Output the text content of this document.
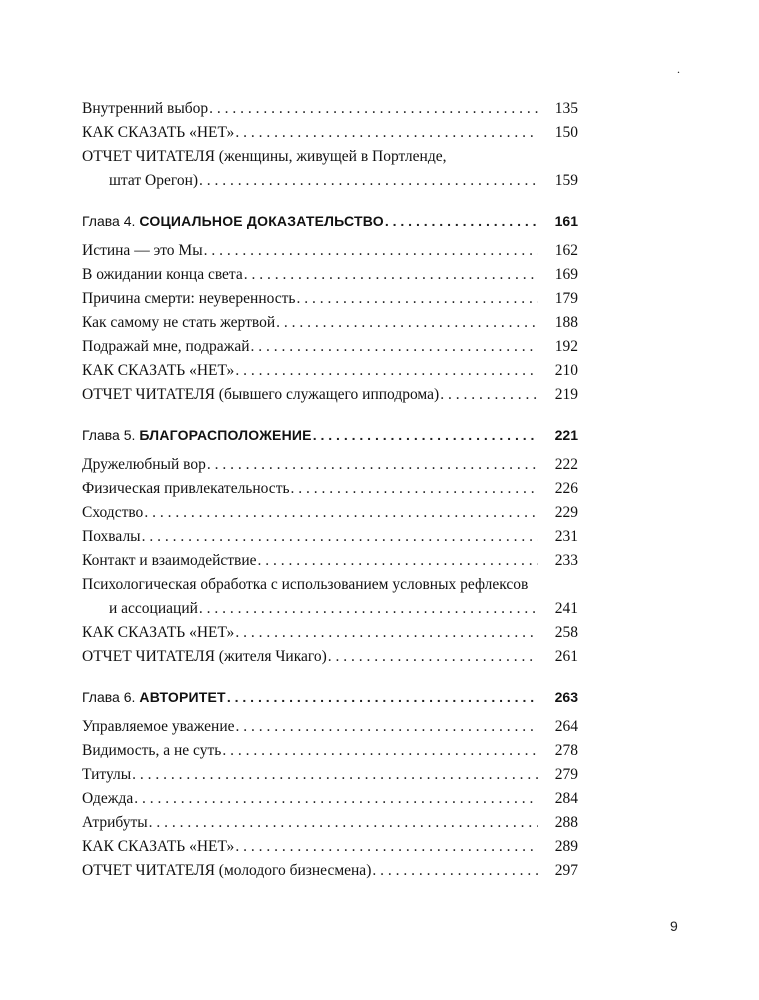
.
Внутренний выбор . . .	135
КАК СКАЗАТЬ «НЕТ» . . .	150
ОТЧЕТ ЧИТАТЕЛЯ (женщины, живущей в Портленде,
штат Орегон) . . .	159
Глава 4. СОЦИАЛЬНОЕ ДОКАЗАТЕЛЬСТВО . . .	161
Истина — это Мы . . .	162
В ожидании конца света . . .	169
Причина смерти: неуверенность . . .	179
Как самому не стать жертвой . . .	188
Подражай мне, подражай . . .	192
КАК СКАЗАТЬ «НЕТ» . . .	210
ОТЧЕТ ЧИТАТЕЛЯ (бывшего служащего ипподрома) . . .	219
Глава 5. БЛАГОРАСПОЛОЖЕНИЕ . . .	221
Дружелюбный вор . . .	222
Физическая привлекательность . . .	226
Сходство . . .	229
Похвалы . . .	231
Контакт и взаимодействие . . .	233
Психологическая обработка с использованием условных рефлексов
и ассоциаций . . .	241
КАК СКАЗАТЬ «НЕТ» . . .	258
ОТЧЕТ ЧИТАТЕЛЯ (жителя Чикаго) . . .	261
Глава 6. АВТОРИТЕТ . . .	263
Управляемое уважение . . .	264
Видимость, а не суть . . .	278
Титулы . . .	279
Одежда . . .	284
Атрибуты . . .	288
КАК СКАЗАТЬ «НЕТ» . . .	289
ОТЧЕТ ЧИТАТЕЛЯ (молодого бизнесмена) . . .	297
9
